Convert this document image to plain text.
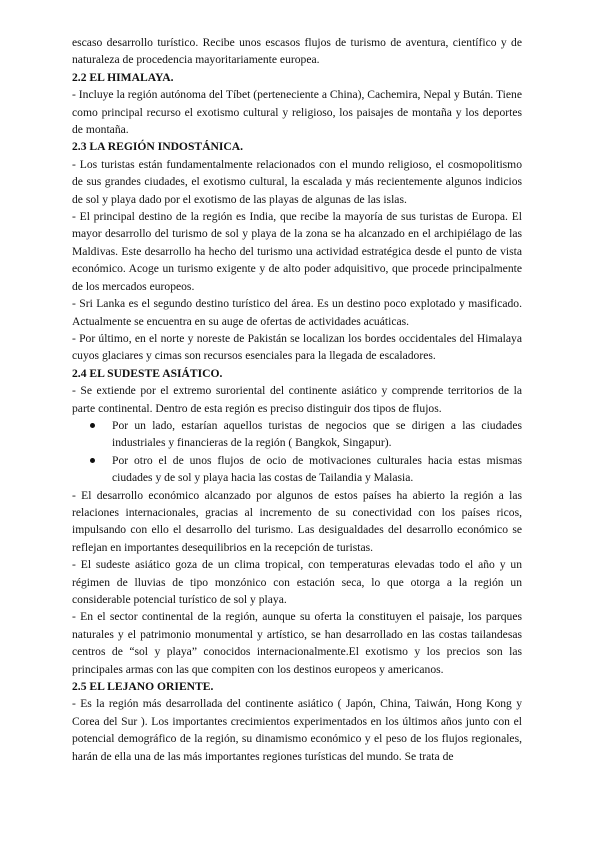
escaso desarrollo turístico. Recibe unos escasos flujos de turismo de aventura, científico y de naturaleza de procedencia mayoritariamente europea.

2.2 EL HIMALAYA.

- Incluye la región autónoma del Tíbet (perteneciente a China), Cachemira, Nepal y Bután. Tiene como principal recurso el exotismo cultural y religioso, los paisajes de montaña y los deportes de montaña.

2.3 LA REGIÓN INDOSTÁNICA.

- Los turistas están fundamentalmente relacionados con el mundo religioso, el cosmopolitismo de sus grandes ciudades, el exotismo cultural, la escalada y más recientemente algunos indicios de sol y playa dado por el exotismo de las playas de algunas de las islas.

- El principal destino de la región es India, que recibe la mayoría de sus turistas de Europa. El mayor desarrollo del turismo de sol y playa de la zona se ha alcanzado en el archipiélago de las Maldivas. Este desarrollo ha hecho del turismo una actividad estratégica desde el punto de vista económico. Acoge un turismo exigente y de alto poder adquisitivo, que procede principalmente de los mercados europeos.

- Sri Lanka es el segundo destino turístico del área. Es un destino poco explotado y masificado. Actualmente se encuentra en su auge de ofertas de actividades acuáticas.

- Por último, en el norte y noreste de Pakistán se localizan los bordes occidentales del Himalaya cuyos glaciares y cimas son recursos esenciales para la llegada de escaladores.

2.4 EL SUDESTE ASIÁTICO.

- Se extiende por el extremo suroriental del continente asiático y comprende territorios de la parte continental. Dentro de esta región es preciso distinguir dos tipos de flujos.

Por un lado, estarían aquellos turistas de negocios que se dirigen a las ciudades industriales y financieras de la región ( Bangkok, Singapur).
Por otro el de unos flujos de ocio de motivaciones culturales hacia estas mismas ciudades y de sol y playa hacia las costas de Tailandia y Malasia.

- El desarrollo económico alcanzado por algunos de estos países ha abierto la región a las relaciones internacionales, gracias al incremento de su conectividad con los países ricos, impulsando con ello el desarrollo del turismo. Las desigualdades del desarrollo económico se reflejan en importantes desequilibrios en la recepción de turistas.

- El sudeste asiático goza de un clima tropical, con temperaturas elevadas todo el año y un régimen de lluvias de tipo monzónico con estación seca, lo que otorga a la región un considerable potencial turístico de sol y playa.

- En el sector continental de la región, aunque su oferta la constituyen el paisaje, los parques naturales y el patrimonio monumental y artístico, se han desarrollado en las costas tailandesas centros de “sol y playa” conocidos internacionalmente.El exotismo y los precios son las principales armas con las que compiten con los destinos europeos y americanos.

2.5 EL LEJANO ORIENTE.

- Es la región más desarrollada del continente asiático ( Japón, China, Taiwán, Hong Kong y Corea del Sur ). Los importantes crecimientos experimentados en los últimos años junto con el potencial demográfico de la región, su dinamismo económico y el peso de los flujos regionales, harán de ella una de las más importantes regiones turísticas del mundo. Se trata de
